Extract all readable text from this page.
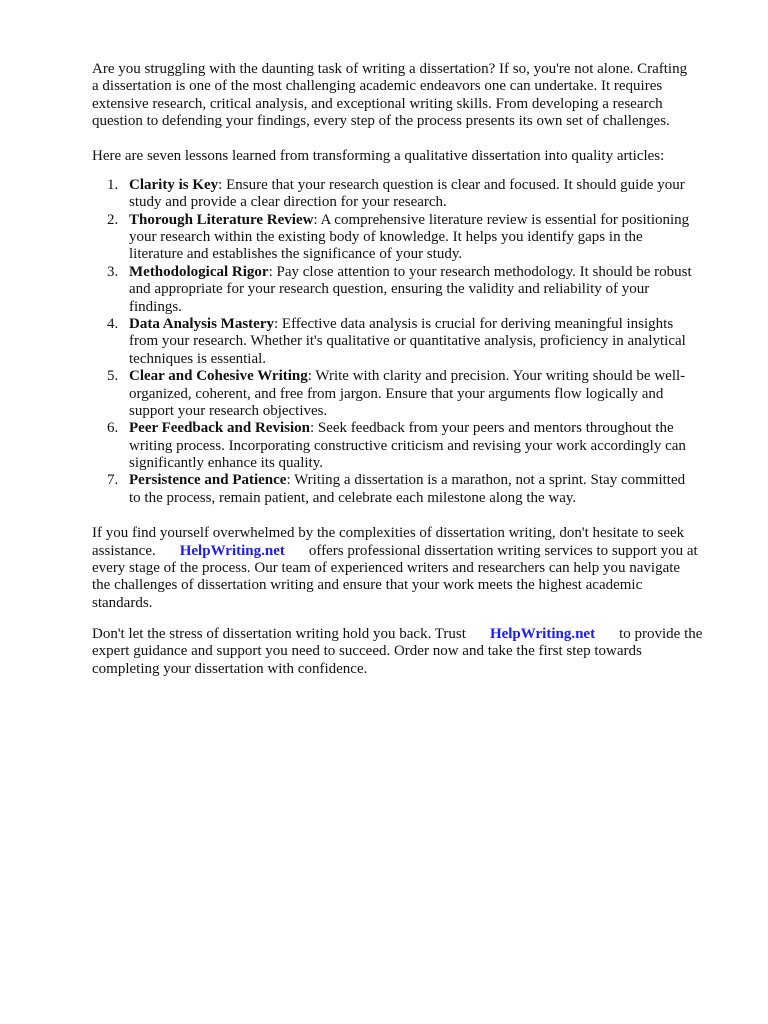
Are you struggling with the daunting task of writing a dissertation? If so, you're not alone. Crafting
a dissertation is one of the most challenging academic endeavors one can undertake. It requires
extensive research, critical analysis, and exceptional writing skills. From developing a research
question to defending your findings, every step of the process presents its own set of challenges.
Here are seven lessons learned from transforming a qualitative dissertation into quality articles:
1. Clarity is Key: Ensure that your research question is clear and focused. It should guide your
study and provide a clear direction for your research.
2. Thorough Literature Review: A comprehensive literature review is essential for positioning
your research within the existing body of knowledge. It helps you identify gaps in the
literature and establishes the significance of your study.
3. Methodological Rigor: Pay close attention to your research methodology. It should be robust
and appropriate for your research question, ensuring the validity and reliability of your
findings.
4. Data Analysis Mastery: Effective data analysis is crucial for deriving meaningful insights
from your research. Whether it's qualitative or quantitative analysis, proficiency in analytical
techniques is essential.
5. Clear and Cohesive Writing: Write with clarity and precision. Your writing should be well-
organized, coherent, and free from jargon. Ensure that your arguments flow logically and
support your research objectives.
6. Peer Feedback and Revision: Seek feedback from your peers and mentors throughout the
writing process. Incorporating constructive criticism and revising your work accordingly can
significantly enhance its quality.
7. Persistence and Patience: Writing a dissertation is a marathon, not a sprint. Stay committed
to the process, remain patient, and celebrate each milestone along the way.
If you find yourself overwhelmed by the complexities of dissertation writing, don't hesitate to seek
assistance. HelpWriting.net offers professional dissertation writing services to support you at
every stage of the process. Our team of experienced writers and researchers can help you navigate
the challenges of dissertation writing and ensure that your work meets the highest academic
standards.
Don't let the stress of dissertation writing hold you back. Trust HelpWriting.net to provide the
expert guidance and support you need to succeed. Order now and take the first step towards
completing your dissertation with confidence.
